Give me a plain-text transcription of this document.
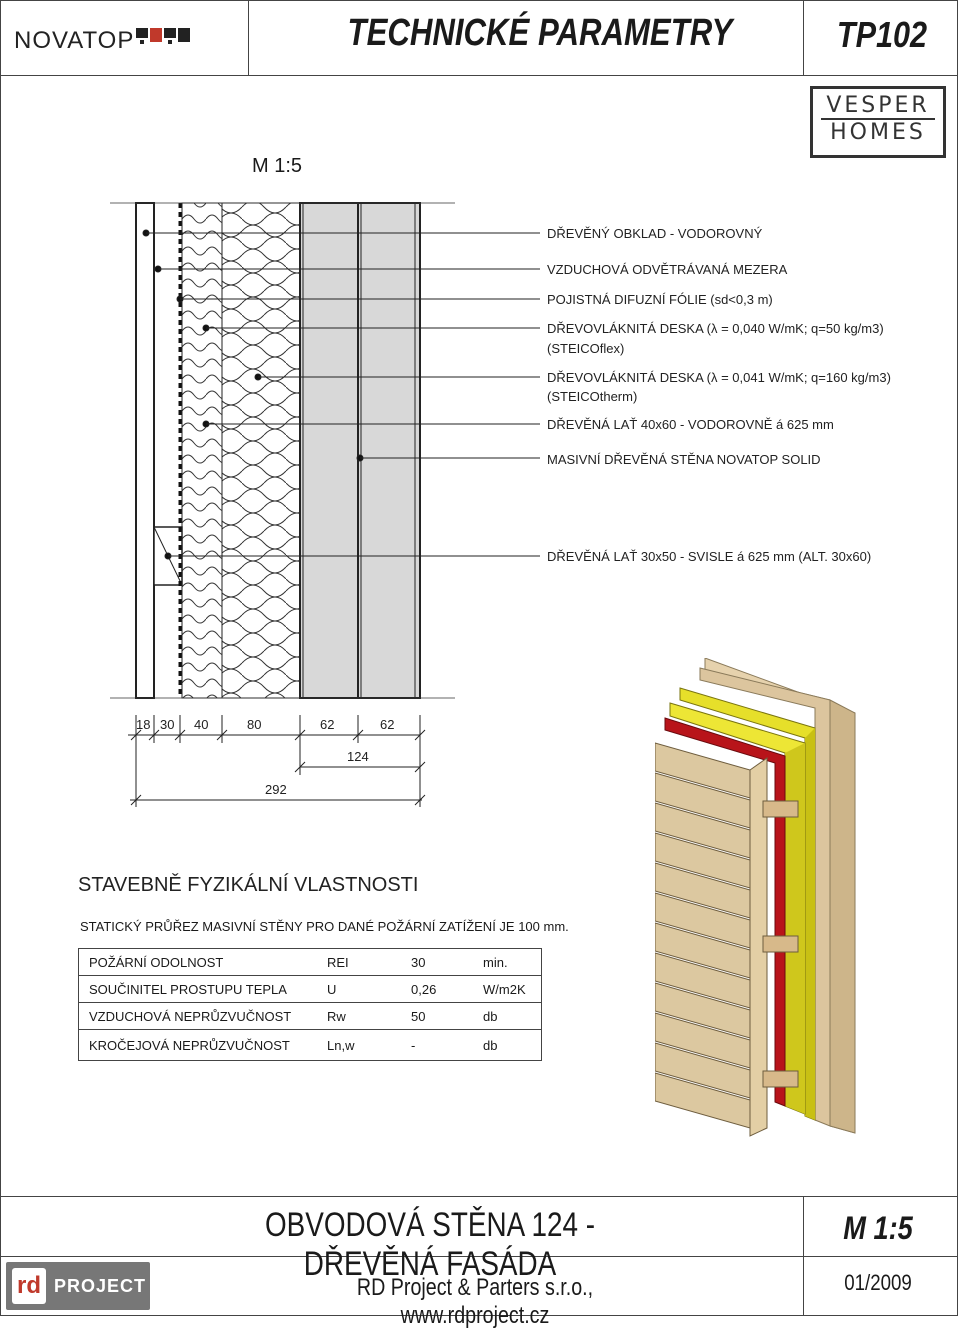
NOVATOP	TECHNICKÉ PARAMETRY	TP102
VESPER
HOMES
M 1:5
DŘEVĚNÝ OBKLAD - VODOROVNÝ
VZDUCHOVÁ ODVĚTRÁVANÁ MEZERA
POJISTNÁ DIFUZNÍ FÓLIE (sd<0,3 m)
DŘEVOVLÁKNITÁ DESKA (λ = 0,040 W/mK; q=50 kg/m3)
(STEICOflex)
DŘEVOVLÁKNITÁ DESKA (λ = 0,041 W/mK; q=160 kg/m3)
(STEICOtherm)
DŘEVĚNÁ LAŤ 40x60 - VODOROVNĚ á 625 mm
MASIVNÍ DŘEVĚNÁ STĚNA NOVATOP SOLID
DŘEVĚNÁ LAŤ 30x50 - SVISLE á 625 mm (ALT. 30x60)
18 30 40	80	62	62
124
292
STAVEBNĚ FYZIKÁLNÍ VLASTNOSTI
STATICKÝ PRŮŘEZ MASIVNÍ STĚNY PRO DANÉ POŽÁRNÍ ZATÍŽENÍ JE 100 mm.
POŽÁRNÍ ODOLNOST	REI	30	min.
SOUČINITEL PROSTUPU TEPLA	U	0,26	W/m2K
VZDUCHOVÁ NEPRŮZVUČNOST	Rw	50	db
KROČEJOVÁ NEPRŮZVUČNOST	Ln,w	-	db
OBVODOVÁ STĚNA 124 - DŘEVĚNÁ FASÁDA
M 1:5
rd PROJECT	RD Project & Parters s.r.o., www.rdproject.cz
01/2009
